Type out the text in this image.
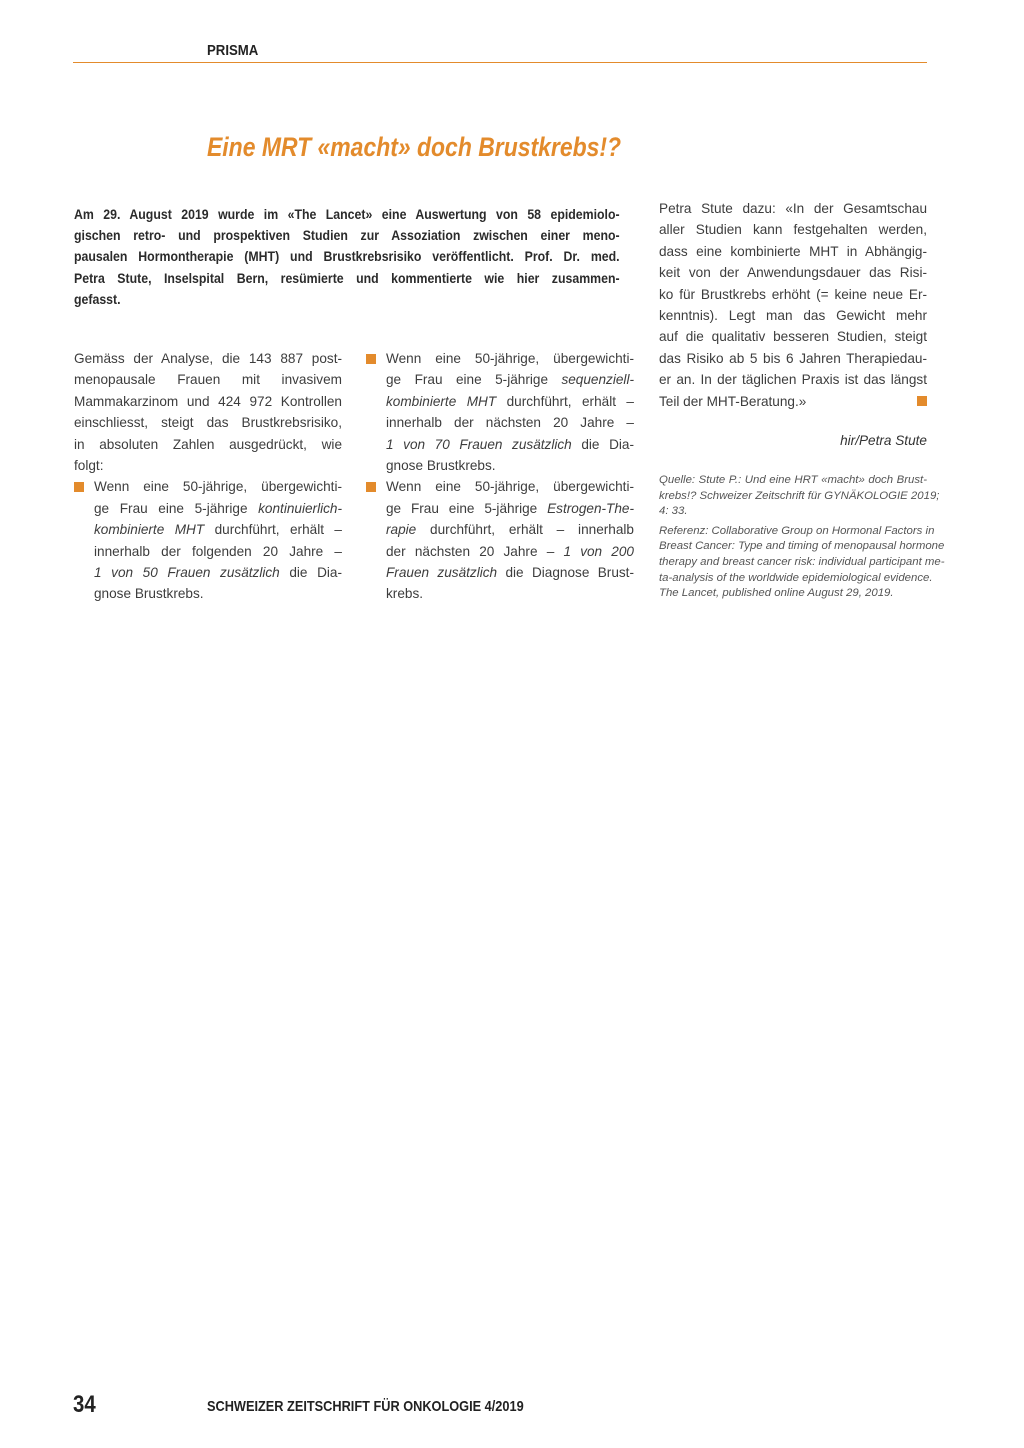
PRISMA
Eine MRT «macht» doch Brustkrebs!?
Am 29. August 2019 wurde im «The Lancet» eine Auswertung von 58 epidemiolo-
gischen retro- und prospektiven Studien zur Assoziation zwischen einer meno-
pausalen Hormontherapie (MHT) und Brustkrebsrisiko veröffentlicht. Prof. Dr. med.
Petra Stute, Inselspital Bern, resümierte und kommentierte wie hier zusammen-
gefasst.
Gemäss der Analyse, die 143 887 post-
menopausale Frauen mit invasivem
Mammakarzinom und 424 972 Kontrollen
einschliesst, steigt das Brustkrebsrisiko,
in absoluten Zahlen ausgedrückt, wie
folgt:
Wenn eine 50-jährige, übergewichti-
ge Frau eine 5-jährige kontinuierlich-
kombinierte MHT durchführt, erhält –
innerhalb der folgenden 20 Jahre –
1 von 50 Frauen zusätzlich die Dia-
gnose Brustkrebs.
Wenn eine 50-jährige, übergewichti-
ge Frau eine 5-jährige sequenziell-
kombinierte MHT durchführt, erhält –
innerhalb der nächsten 20 Jahre –
1 von 70 Frauen zusätzlich die Dia-
gnose Brustkrebs.
Wenn eine 50-jährige, übergewichti-
ge Frau eine 5-jährige Estrogen-The-
rapie durchführt, erhält – innerhalb
der nächsten 20 Jahre – 1 von 200
Frauen zusätzlich die Diagnose Brust-
krebs.
Petra Stute dazu: «In der Gesamtschau
aller Studien kann festgehalten werden,
dass eine kombinierte MHT in Abhängig-
keit von der Anwendungsdauer das Risi-
ko für Brustkrebs erhöht (= keine neue Er-
kenntnis). Legt man das Gewicht mehr
auf die qualitativ besseren Studien, steigt
das Risiko ab 5 bis 6 Jahren Therapiedau-
er an. In der täglichen Praxis ist das längst
Teil der MHT-Beratung.»
hir/Petra Stute
Quelle: Stute P.: Und eine HRT «macht» doch Brust-
krebs!? Schweizer Zeitschrift für GYNÄKOLOGIE 2019;
4: 33.
Referenz: Collaborative Group on Hormonal Factors in
Breast Cancer: Type and timing of menopausal hormone
therapy and breast cancer risk: individual participant me-
ta-analysis of the worldwide epidemiological evidence.
The Lancet, published online August 29, 2019.
34	SCHWEIZER ZEITSCHRIFT FÜR ONKOLOGIE 4/2019
